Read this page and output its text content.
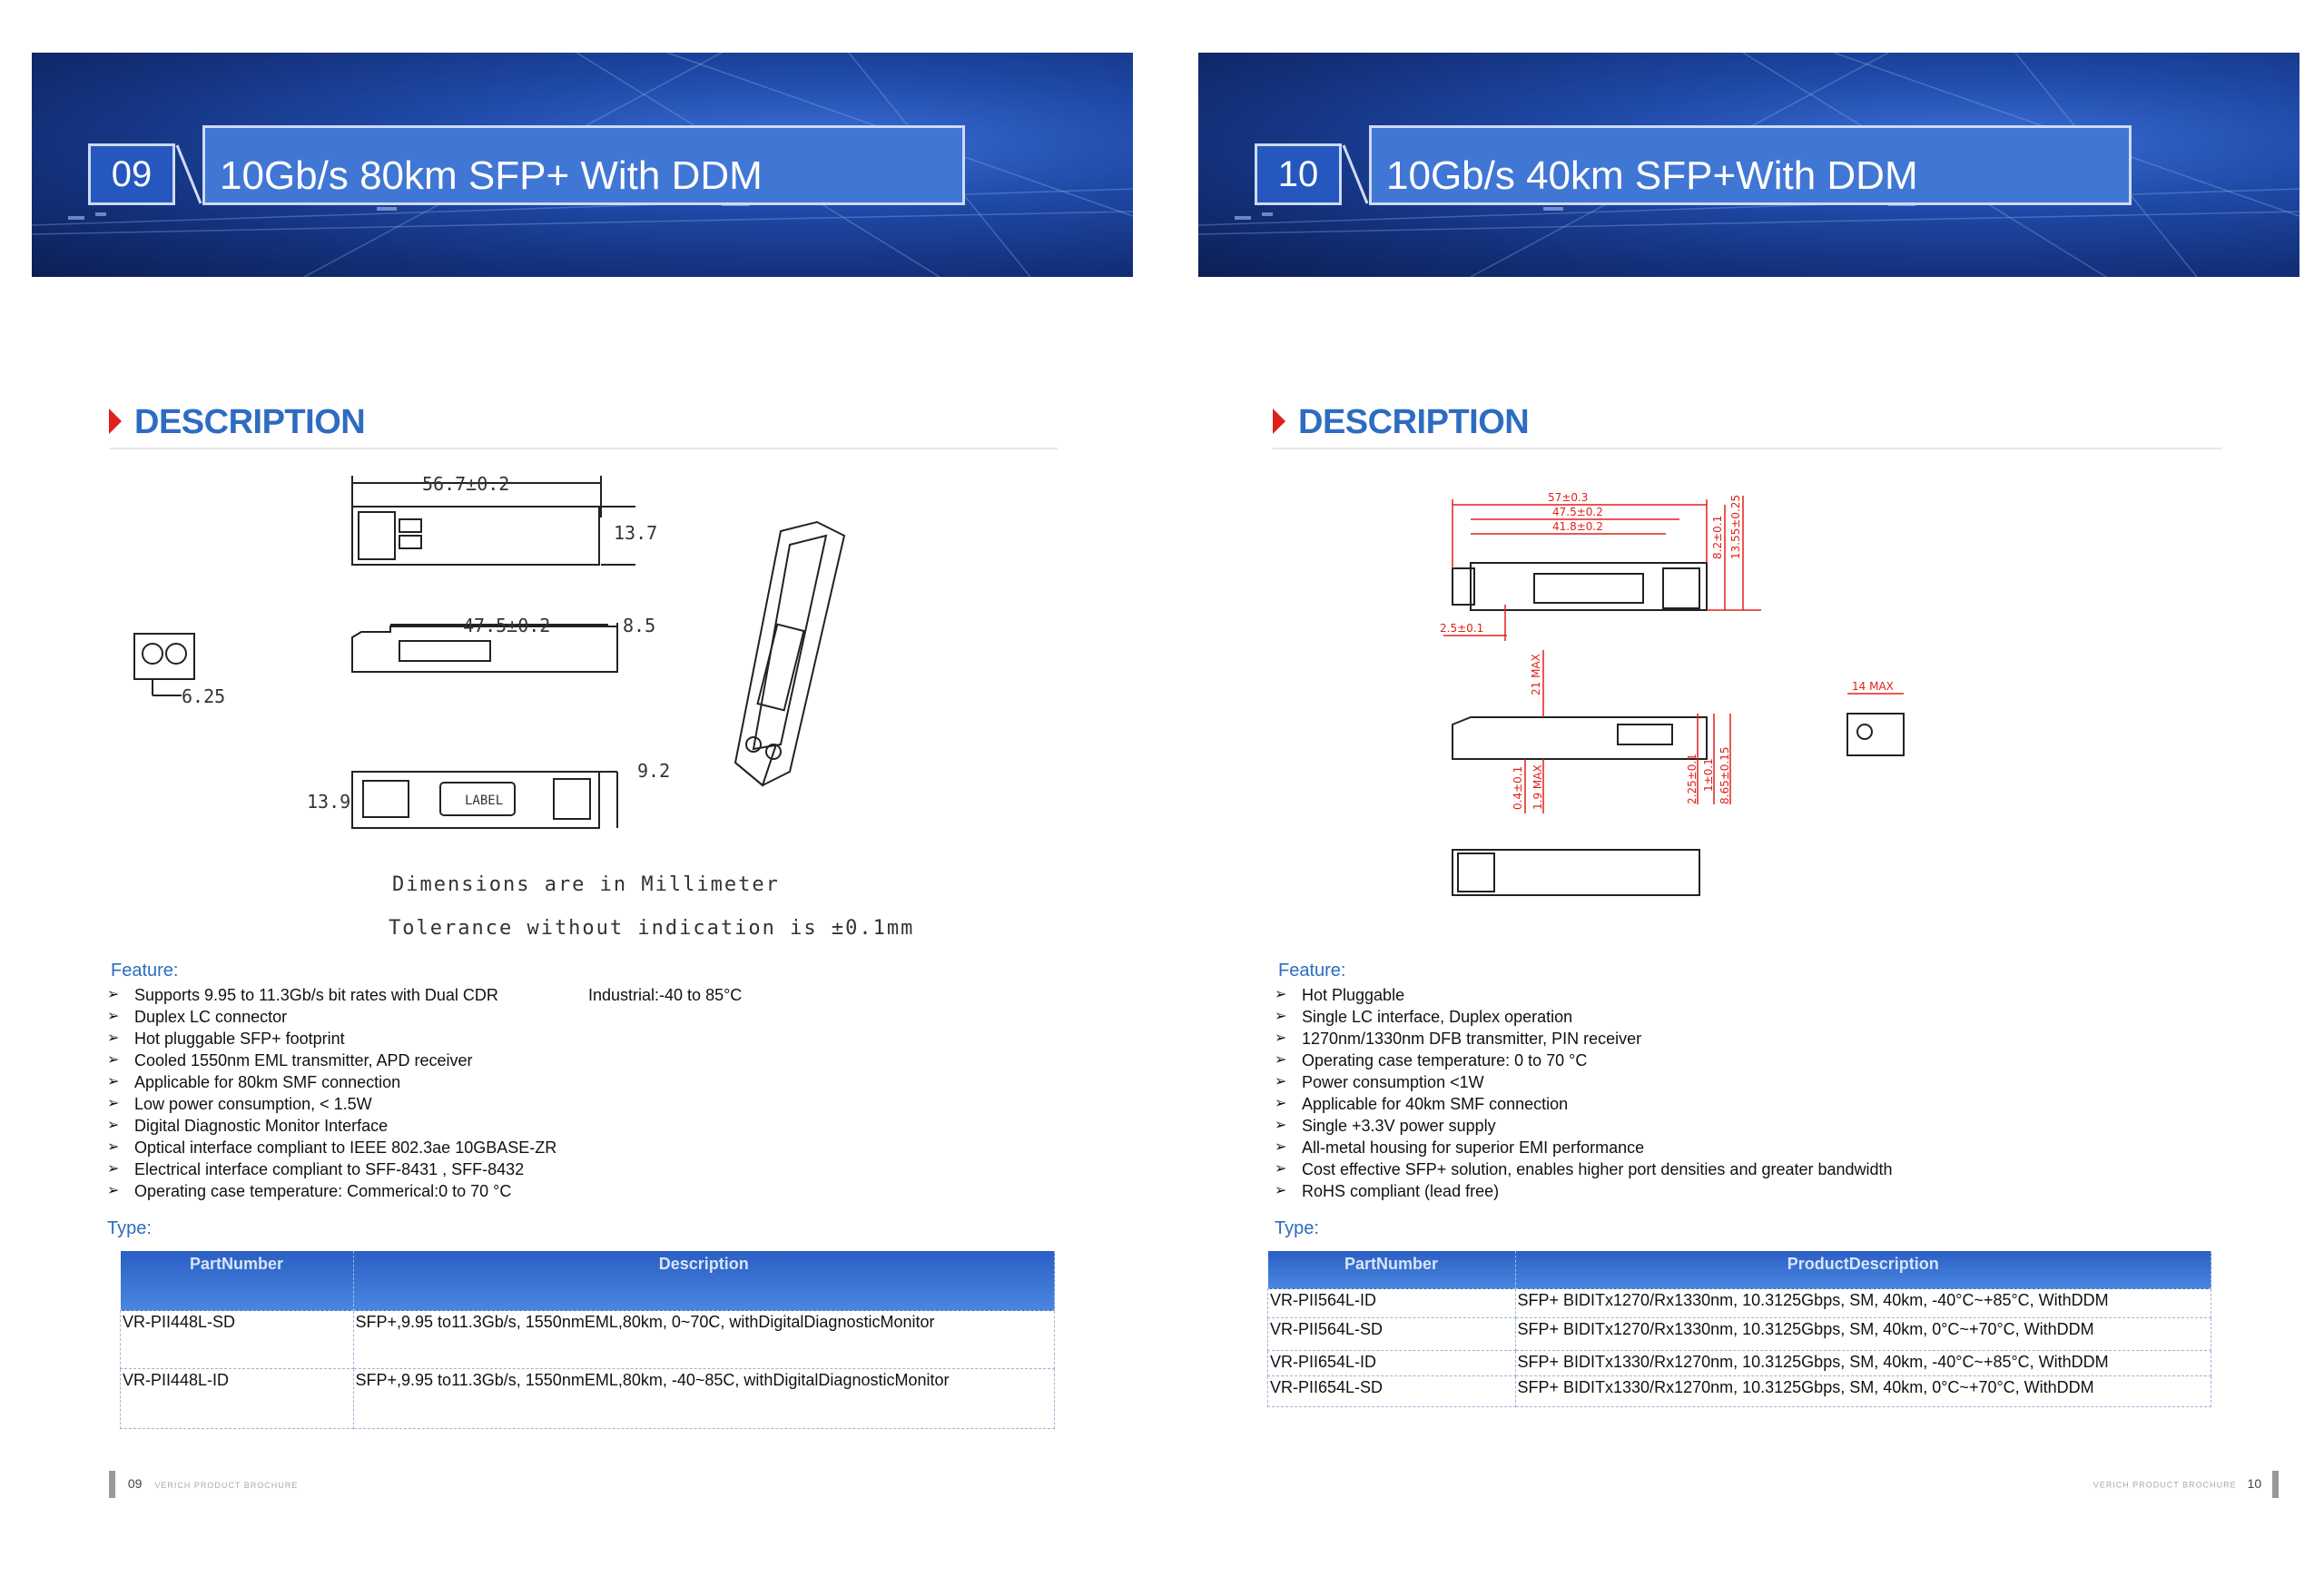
09	10Gb/s 80km SFP+ With DDM
DESCRIPTION
56.7±0.2
13.7
47.5±0.2	8.5
6.25
9.2
13.9	LABEL
Dimensions are in Millimeter
Tolerance without indication is ±0.1mm
Feature:
➢ Supports 9.95 to 11.3Gb/s bit rates with Dual CDR	Industrial:-40 to 85°C
➢ Duplex LC connector
➢ Hot pluggable SFP+ footprint
➢ Cooled 1550nm EML transmitter, APD receiver
➢ Applicable for 80km SMF connection
➢ Low power consumption, < 1.5W
➢ Digital Diagnostic Monitor Interface
➢ Optical interface compliant to IEEE 802.3ae 10GBASE-ZR
➢ Electrical interface compliant to SFF-8431 , SFF-8432
➢ Operating case temperature: Commerical:0 to 70 °C
Type:
PartNumber	Description
VR-PII448L-SD	SFP+,9.95 to11.3Gb/s, 1550nmEML,80km, 0~70C, withDigitalDiagnosticMonitor
VR-PII448L-ID	SFP+,9.95 to11.3Gb/s, 1550nmEML,80km, -40~85C, withDigitalDiagnosticMonitor
09 VERICH PRODUCT BROCHURE
10	10Gb/s 40km SFP+With DDM
DESCRIPTION
57±0.3
47.5±0.2
41.8±0.2
2.5±0.1
8.2±0.1 13.55±0.25
21 MAX	14 MAX
0.4±0.1 1.9 MAX	2.25±0.1 1±0.1 8.65±0.15
Feature:
➢ Hot Pluggable
➢ Single LC interface, Duplex operation
➢ 1270nm/1330nm DFB transmitter, PIN receiver
➢ Operating case temperature: 0 to 70 °C
➢ Power consumption <1W
➢ Applicable for 40km SMF connection
➢ Single +3.3V power supply
➢ All-metal housing for superior EMI performance
➢ Cost effective SFP+ solution, enables higher port densities and greater bandwidth
➢ RoHS compliant (lead free)
Type:
PartNumber	ProductDescription
VR-PII564L-ID	SFP+ BIDITx1270/Rx1330nm, 10.3125Gbps, SM, 40km, -40°C~+85°C, WithDDM
VR-PII564L-SD	SFP+ BIDITx1270/Rx1330nm, 10.3125Gbps, SM, 40km, 0°C~+70°C, WithDDM
VR-PII654L-ID	SFP+ BIDITx1330/Rx1270nm, 10.3125Gbps, SM, 40km, -40°C~+85°C, WithDDM
VR-PII654L-SD	SFP+ BIDITx1330/Rx1270nm, 10.3125Gbps, SM, 40km, 0°C~+70°C, WithDDM
VERICH PRODUCT BROCHURE 10
